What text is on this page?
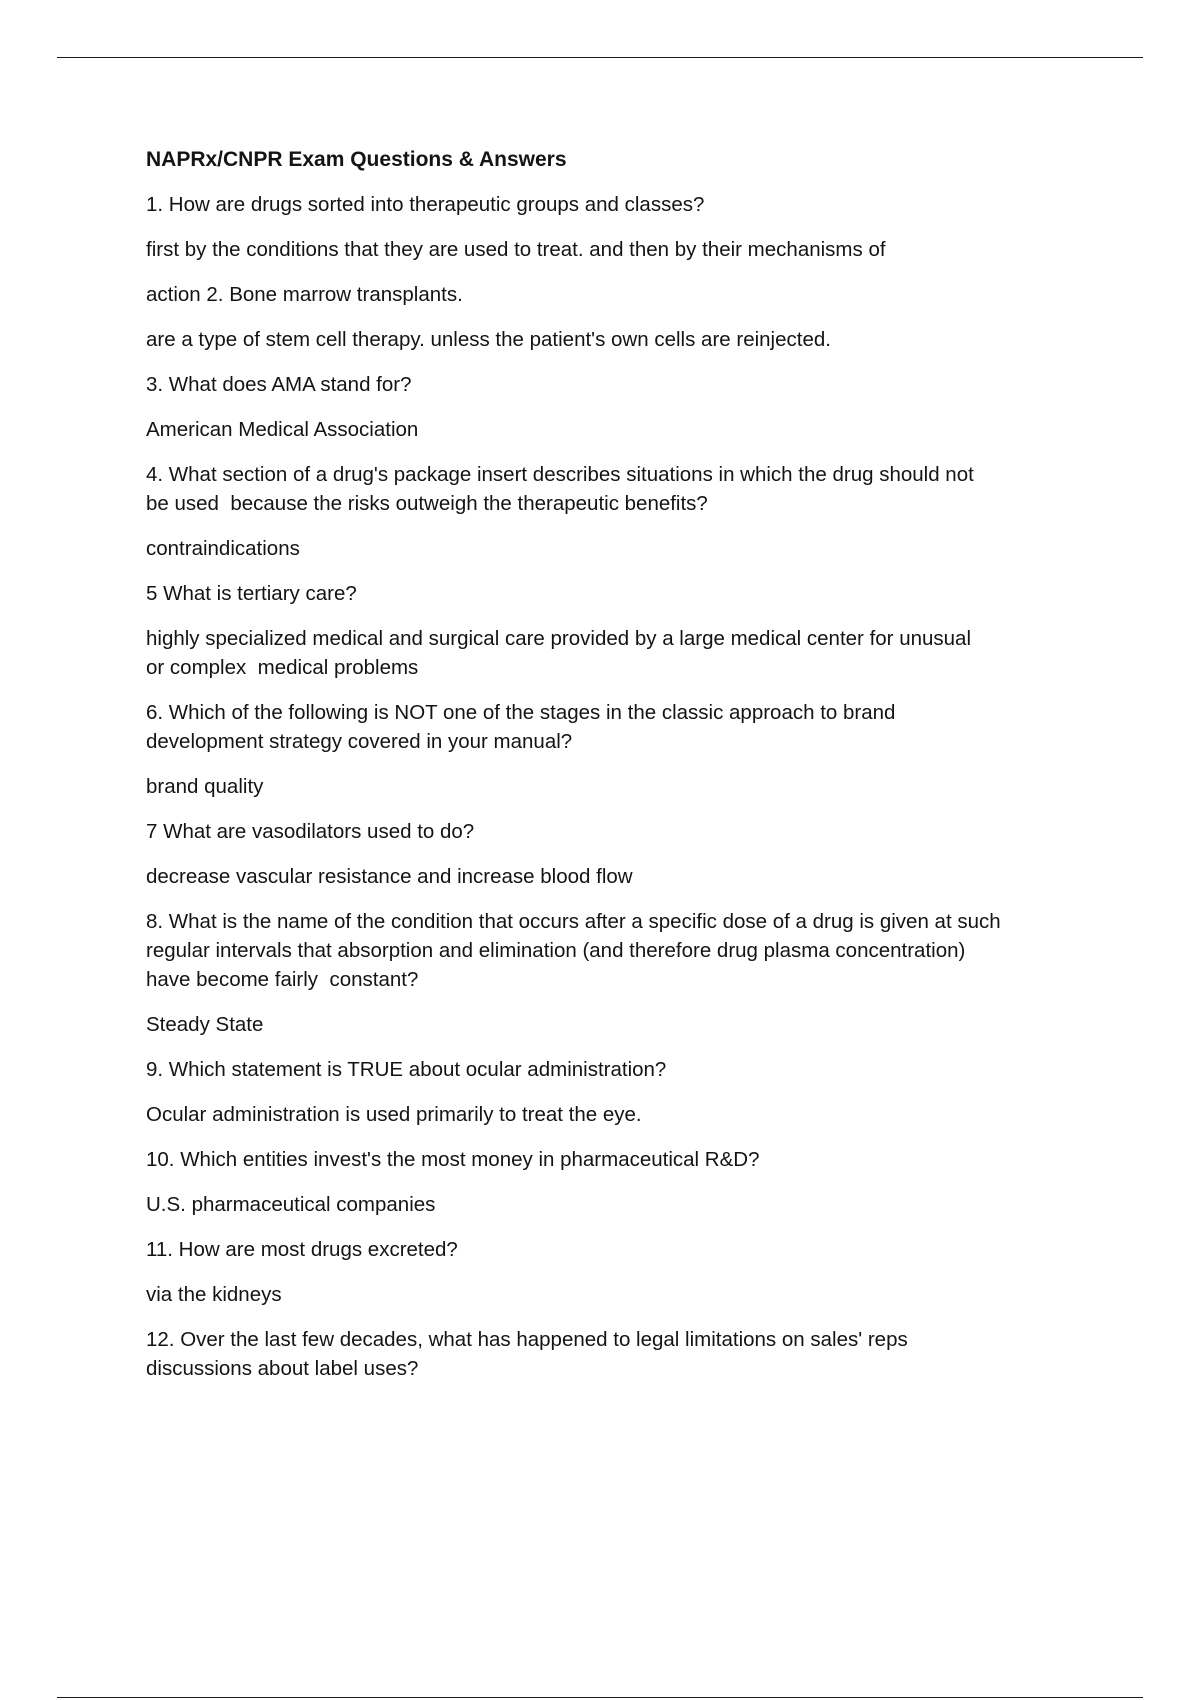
NAPRx/CNPR Exam Questions & Answers
1. How are drugs sorted into therapeutic groups and classes?
first by the conditions that they are used to treat. and then by their mechanisms of
action 2. Bone marrow transplants.
are a type of stem cell therapy. unless the patient's own cells are reinjected.
3. What does AMA stand for?
American Medical Association
4. What section of a drug's package insert describes situations in which the drug should not
be used  because the risks outweigh the therapeutic benefits?
contraindications
5 What is tertiary care?
highly specialized medical and surgical care provided by a large medical center for unusual
or complex  medical problems
6. Which of the following is NOT one of the stages in the classic approach to brand
development strategy covered in your manual?
brand quality
7 What are vasodilators used to do?
decrease vascular resistance and increase blood flow
8. What is the name of the condition that occurs after a specific dose of a drug is given at such
regular intervals that absorption and elimination (and therefore drug plasma concentration)
have become fairly  constant?
Steady State
9. Which statement is TRUE about ocular administration?
Ocular administration is used primarily to treat the eye.
10. Which entities invest's the most money in pharmaceutical R&D?
U.S. pharmaceutical companies
11. How are most drugs excreted?
via the kidneys
12. Over the last few decades, what has happened to legal limitations on sales' reps
discussions about label uses?
